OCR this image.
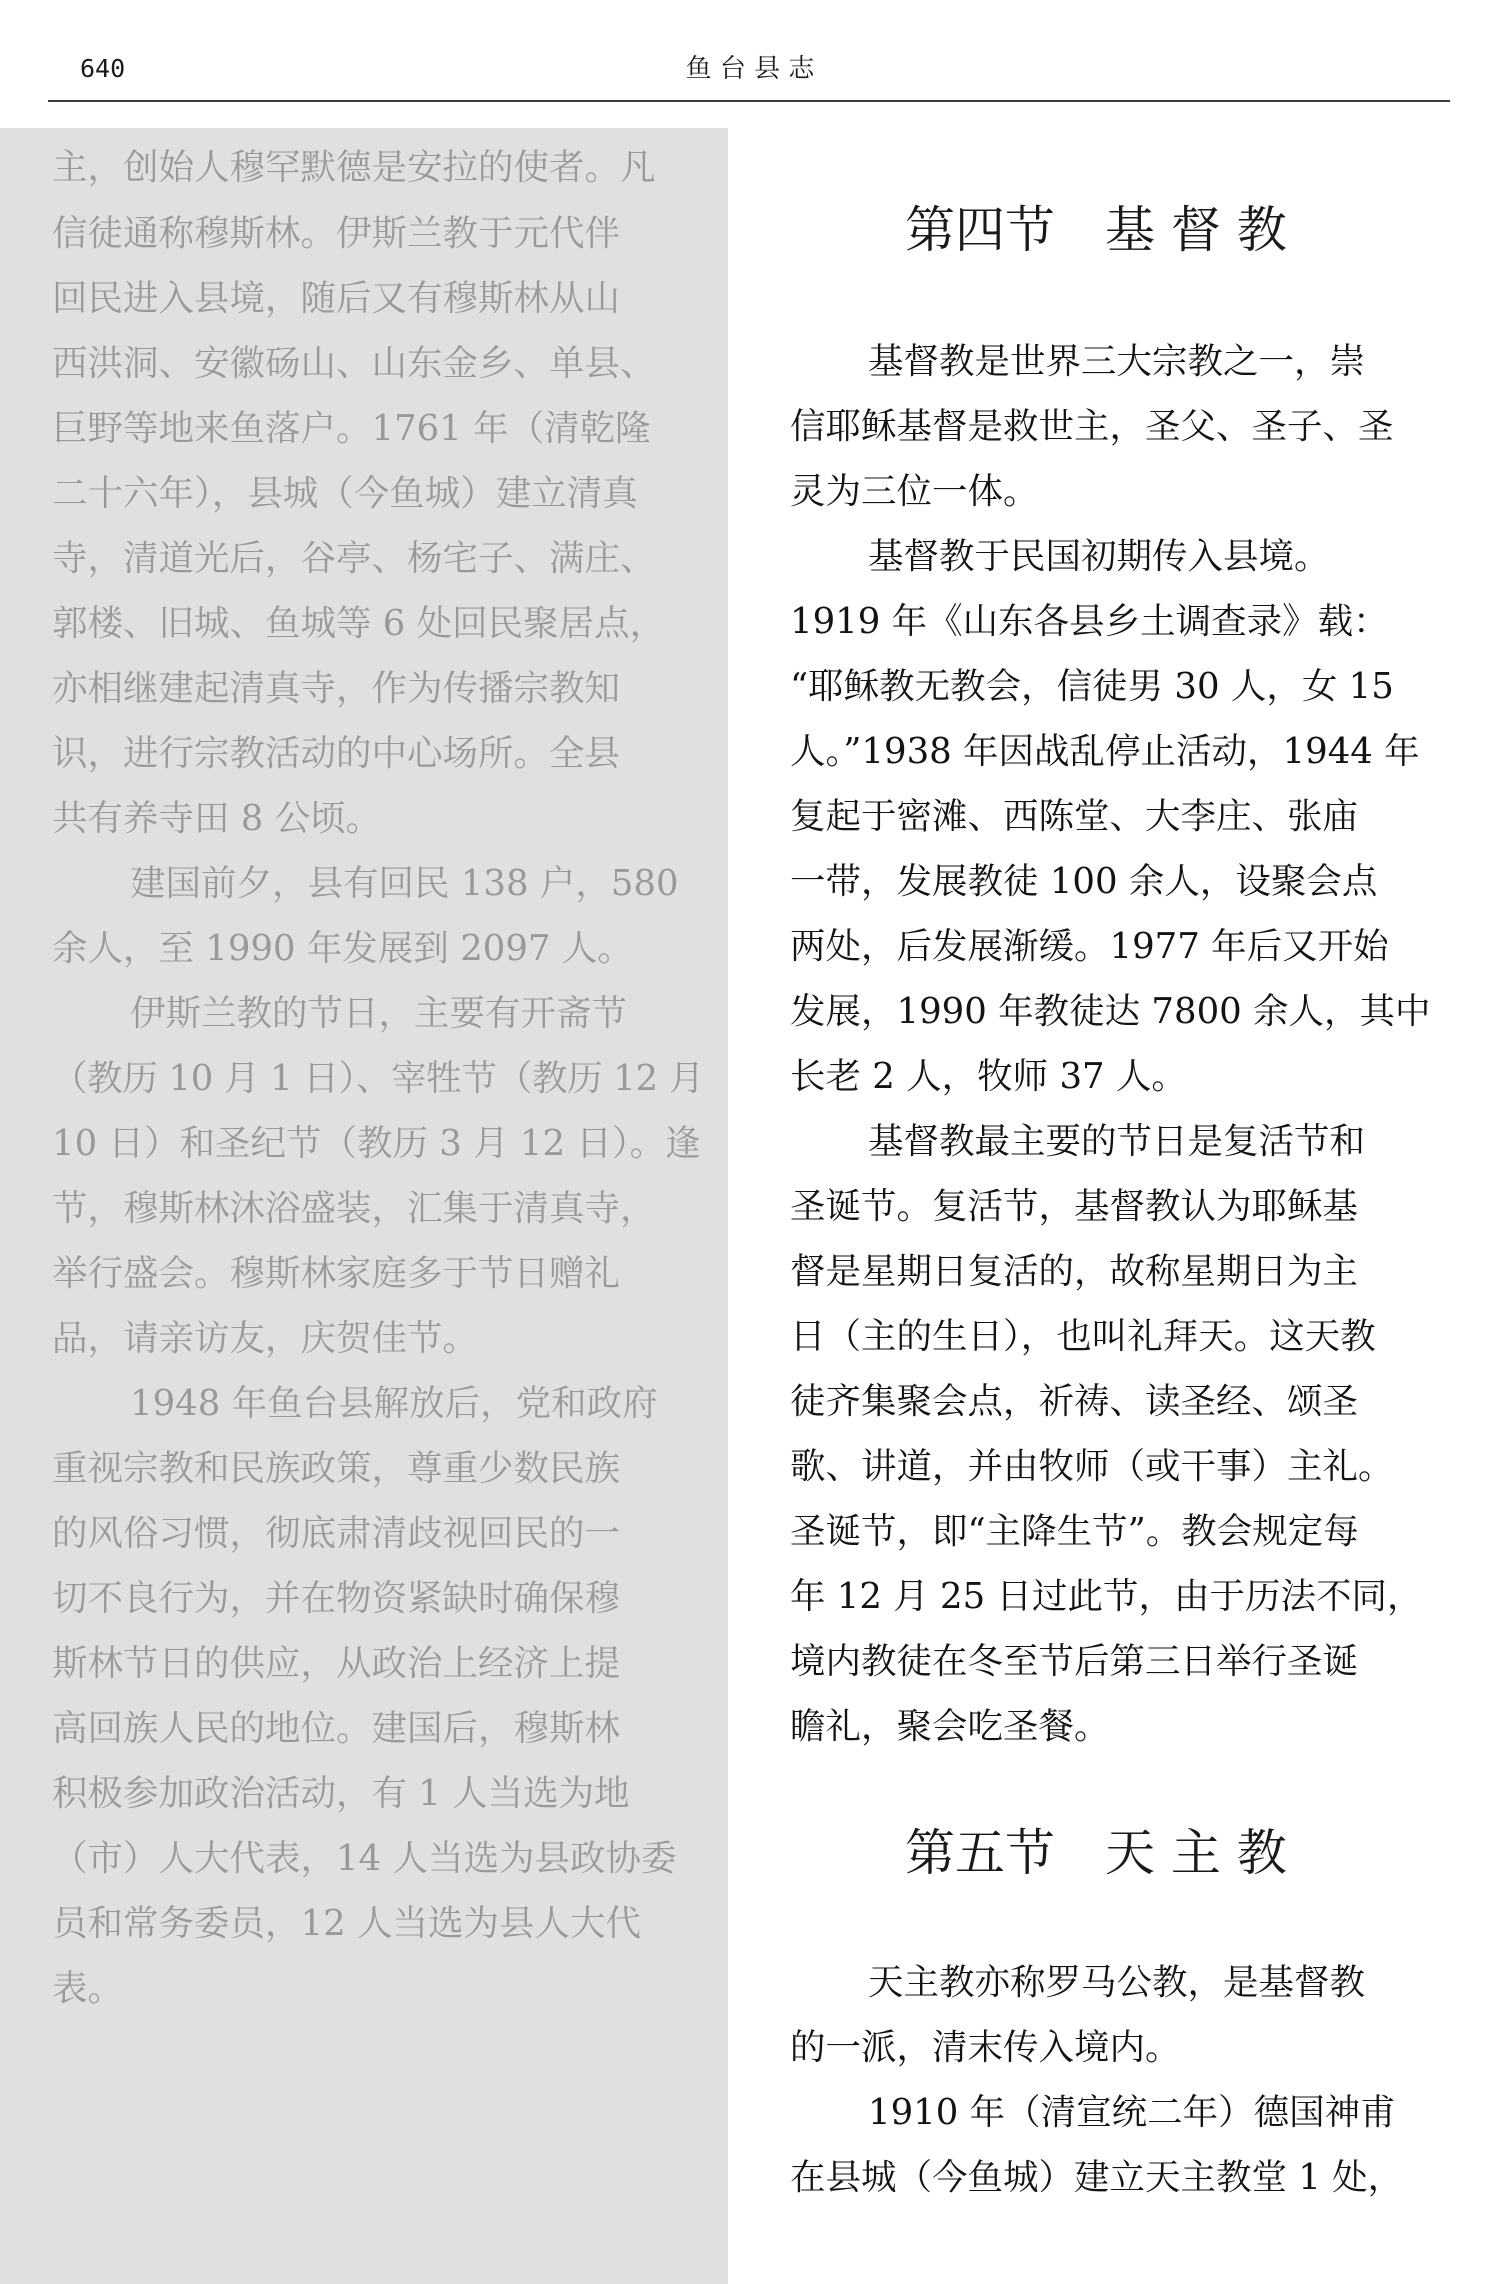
640	鱼 台 县 志
主，创始人穆罕默德是安拉的使者。凡
信徒通称穆斯林。伊斯兰教于元代伴
回民进入县境，随后又有穆斯林从山
西洪洞、安徽砀山、山东金乡、单县、
巨野等地来鱼落户。1761 年（清乾隆
二十六年），县城（今鱼城）建立清真
寺，清道光后，谷亭、杨宅子、满庄、
郭楼、旧城、鱼城等 6 处回民聚居点，
亦相继建起清真寺，作为传播宗教知
识，进行宗教活动的中心场所。全县
共有养寺田 8 公顷。
建国前夕，县有回民 138 户，580
余人，至 1990 年发展到 2097 人。
伊斯兰教的节日，主要有开斋节
（教历 10 月 1 日）、宰牲节（教历 12 月
10 日）和圣纪节（教历 3 月 12 日）。逢
节，穆斯林沐浴盛装，汇集于清真寺，
举行盛会。穆斯林家庭多于节日赠礼
品，请亲访友，庆贺佳节。
1948 年鱼台县解放后，党和政府
重视宗教和民族政策，尊重少数民族
的风俗习惯，彻底肃清歧视回民的一
切不良行为，并在物资紧缺时确保穆
斯林节日的供应，从政治上经济上提
高回族人民的地位。建国后，穆斯林
积极参加政治活动，有 1 人当选为地
（市）人大代表，14 人当选为县政协委
员和常务委员，12 人当选为县人大代
表。
第四节　基 督 教
基督教是世界三大宗教之一，崇
信耶稣基督是救世主，圣父、圣子、圣
灵为三位一体。
基督教于民国初期传入县境。
1919 年《山东各县乡土调查录》载：
“耶稣教无教会，信徒男 30 人，女 15
人。”1938 年因战乱停止活动，1944 年
复起于密滩、西陈堂、大李庄、张庙
一带，发展教徒 100 余人，设聚会点
两处，后发展渐缓。1977 年后又开始
发展，1990 年教徒达 7800 余人，其中
长老 2 人，牧师 37 人。
基督教最主要的节日是复活节和
圣诞节。复活节，基督教认为耶稣基
督是星期日复活的，故称星期日为主
日（主的生日），也叫礼拜天。这天教
徒齐集聚会点，祈祷、读圣经、颂圣
歌、讲道，并由牧师（或干事）主礼。
圣诞节，即“主降生节”。教会规定每
年 12 月 25 日过此节，由于历法不同，
境内教徒在冬至节后第三日举行圣诞
瞻礼，聚会吃圣餐。
第五节　天 主 教
天主教亦称罗马公教，是基督教
的一派，清末传入境内。
1910 年（清宣统二年）德国神甫
在县城（今鱼城）建立天主教堂 1 处，
